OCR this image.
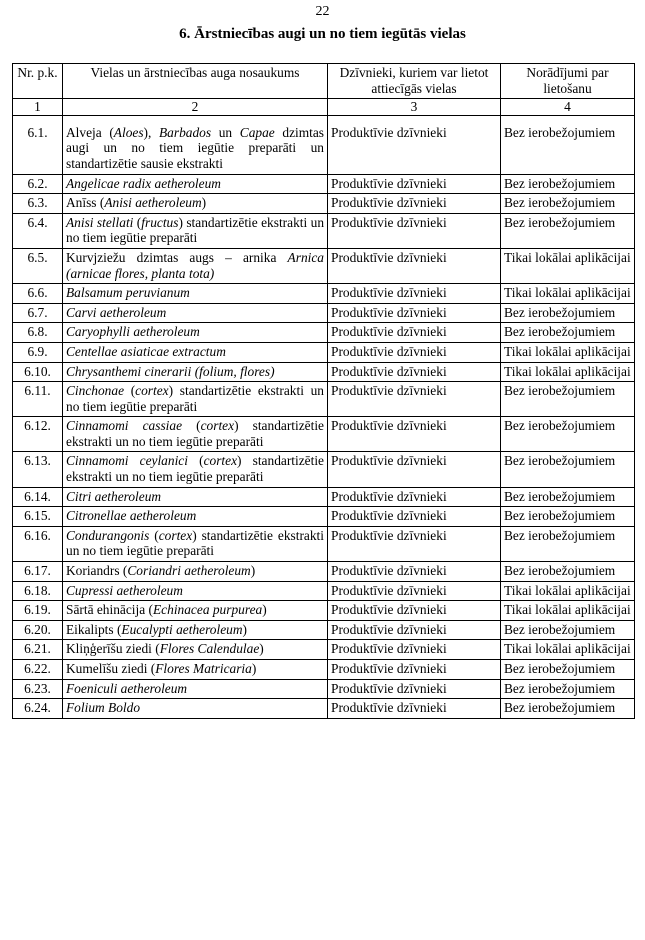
22
6. Ārstniecības augi un no tiem iegūtās vielas
Nr. p.k.	Vielas un ārstniecības auga nosaukums	Dzīvnieki, kuriem var lietot attiecīgās vielas	Norādījumi par lietošanu
1	2	3	4
6.1.	Alveja (Aloes), Barbados un Capae dzimtas augi un no tiem iegūtie preparāti un standartizētie sausie ekstrakti	Produktīvie dzīvnieki	Bez ierobežojumiem
6.2.	Angelicae radix aetheroleum	Produktīvie dzīvnieki	Bez ierobežojumiem
6.3.	Anīss (Anisi aetheroleum)	Produktīvie dzīvnieki	Bez ierobežojumiem
6.4.	Anisi stellati (fructus) standartizētie ekstrakti un no tiem iegūtie preparāti	Produktīvie dzīvnieki	Bez ierobežojumiem
6.5.	Kurvjziežu dzimtas augs – arnika Arnica (arnicae flores, planta tota)	Produktīvie dzīvnieki	Tikai lokālai aplikācijai
6.6.	Balsamum peruvianum	Produktīvie dzīvnieki	Tikai lokālai aplikācijai
6.7.	Carvi aetheroleum	Produktīvie dzīvnieki	Bez ierobežojumiem
6.8.	Caryophylli aetheroleum	Produktīvie dzīvnieki	Bez ierobežojumiem
6.9.	Centellae asiaticae extractum	Produktīvie dzīvnieki	Tikai lokālai aplikācijai
6.10.	Chrysanthemi cinerarii (folium, flores)	Produktīvie dzīvnieki	Tikai lokālai aplikācijai
6.11.	Cinchonae (cortex) standartizētie ekstrakti un no tiem iegūtie preparāti	Produktīvie dzīvnieki	Bez ierobežojumiem
6.12.	Cinnamomi cassiae (cortex) standartizētie ekstrakti un no tiem iegūtie preparāti	Produktīvie dzīvnieki	Bez ierobežojumiem
6.13.	Cinnamomi ceylanici (cortex) standartizētie ekstrakti un no tiem iegūtie preparāti	Produktīvie dzīvnieki	Bez ierobežojumiem
6.14.	Citri aetheroleum	Produktīvie dzīvnieki	Bez ierobežojumiem
6.15.	Citronellae aetheroleum	Produktīvie dzīvnieki	Bez ierobežojumiem
6.16.	Condurangonis (cortex) standartizētie ekstrakti un no tiem iegūtie preparāti	Produktīvie dzīvnieki	Bez ierobežojumiem
6.17.	Koriandrs (Coriandri aetheroleum)	Produktīvie dzīvnieki	Bez ierobežojumiem
6.18.	Cupressi aetheroleum	Produktīvie dzīvnieki	Tikai lokālai aplikācijai
6.19.	Sārtā ehinācija (Echinacea purpurea)	Produktīvie dzīvnieki	Tikai lokālai aplikācijai
6.20.	Eikalipts (Eucalypti aetheroleum)	Produktīvie dzīvnieki	Bez ierobežojumiem
6.21.	Kliņģerīšu ziedi (Flores Calendulae)	Produktīvie dzīvnieki	Tikai lokālai aplikācijai
6.22.	Kumelīšu ziedi (Flores Matricaria)	Produktīvie dzīvnieki	Bez ierobežojumiem
6.23.	Foeniculi aetheroleum	Produktīvie dzīvnieki	Bez ierobežojumiem
6.24.	Folium Boldo	Produktīvie dzīvnieki	Bez ierobežojumiem
